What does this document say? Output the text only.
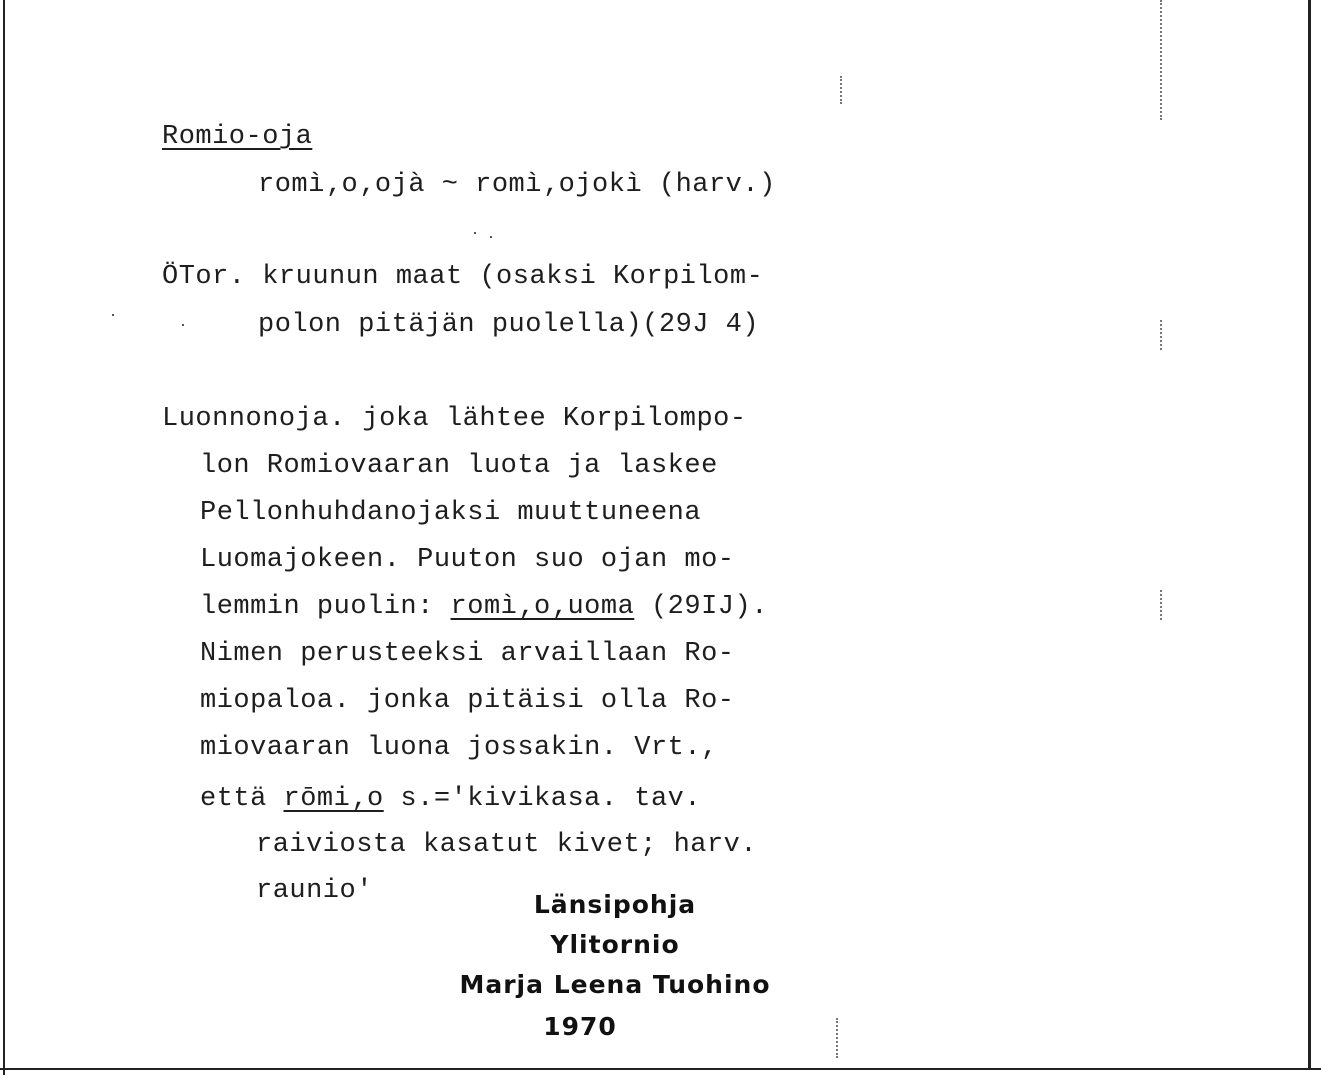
Romio-oja
romì‚o‚ojà ~ romì‚ojokì (harv.)
ÖTor. kruunun maat (osaksi Korpilom-
polon pitäjän puolella)(29J 4)
Luonnonoja. joka lähtee Korpilompo-
lon Romiovaaran luota ja laskee
Pellonhuhdanojaksi muuttuneena
Luomajokeen. Puuton suo ojan mo-
lemmin puolin: romì‚o‚uoma (29IJ).
Nimen perusteeksi arvaillaan Ro-
miopaloa. jonka pitäisi olla Ro-
miovaaran luona jossakin. Vrt.,
että rōmi‚o s.='kivikasa. tav.
raiviosta kasatut kivet; harv.
raunio'	Länsipohja
Ylitornio
Marja Leena Tuohino
1970
